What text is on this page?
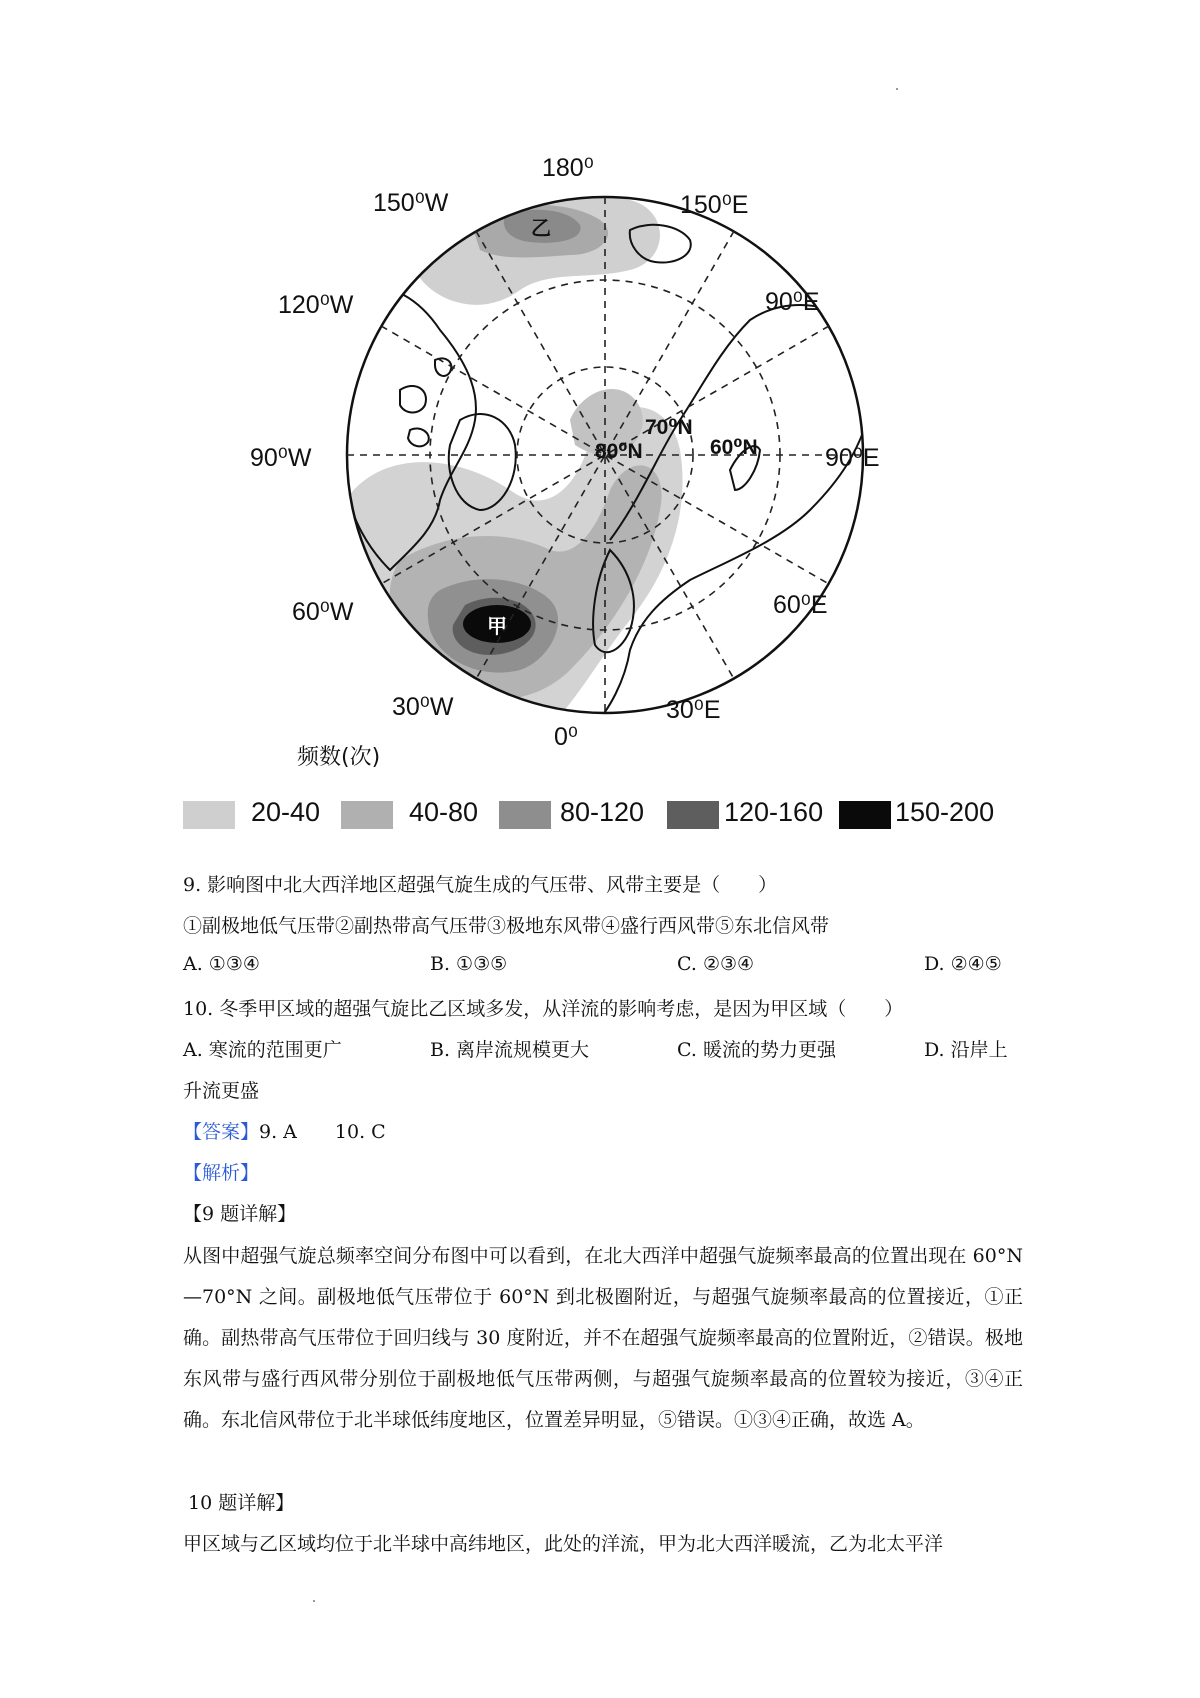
180⁰
150⁰W	150⁰E
120⁰W	90⁰E
90⁰W	90⁰E
60⁰W	60⁰E
30⁰W	30⁰E
0⁰
70⁰N
80⁰N	60⁰N
甲
乙
频数(次)
20-40	40-80	80-120	120-160	150-200
9. 影响图中北大西洋地区超强气旋生成的气压带、风带主要是（　　）
①副极地低气压带②副热带高气压带③极地东风带④盛行西风带⑤东北信风带
A. ①③④	B. ①③⑤	C. ②③④	D. ②④⑤
10. 冬季甲区域的超强气旋比乙区域多发，从洋流的影响考虑，是因为甲区域（　　）
A. 寒流的范围更广	B. 离岸流规模更大	C. 暖流的势力更强	D. 沿岸上
升流更盛
【答案】9. A　　10. C
【解析】
【9 题详解】
从图中超强气旋总频率空间分布图中可以看到，在北大西洋中超强气旋频率最高的位置出现在 60°N—70°N 之间。副极地低气压带位于 60°N 到北极圈附近，与超强气旋频率最高的位置接近，①正确。副热带高气压带位于回归线与 30 度附近，并不在超强气旋频率最高的位置附近，②错误。极地东风带与盛行西风带分别位于副极地低气压带两侧，与超强气旋频率最高的位置较为接近，③④正确。东北信风带位于北半球低纬度地区，位置差异明显，⑤错误。①③④正确，故选 A。
10 题详解】
甲区域与乙区域均位于北半球中高纬地区，此处的洋流，甲为北大西洋暖流，乙为北太平洋
